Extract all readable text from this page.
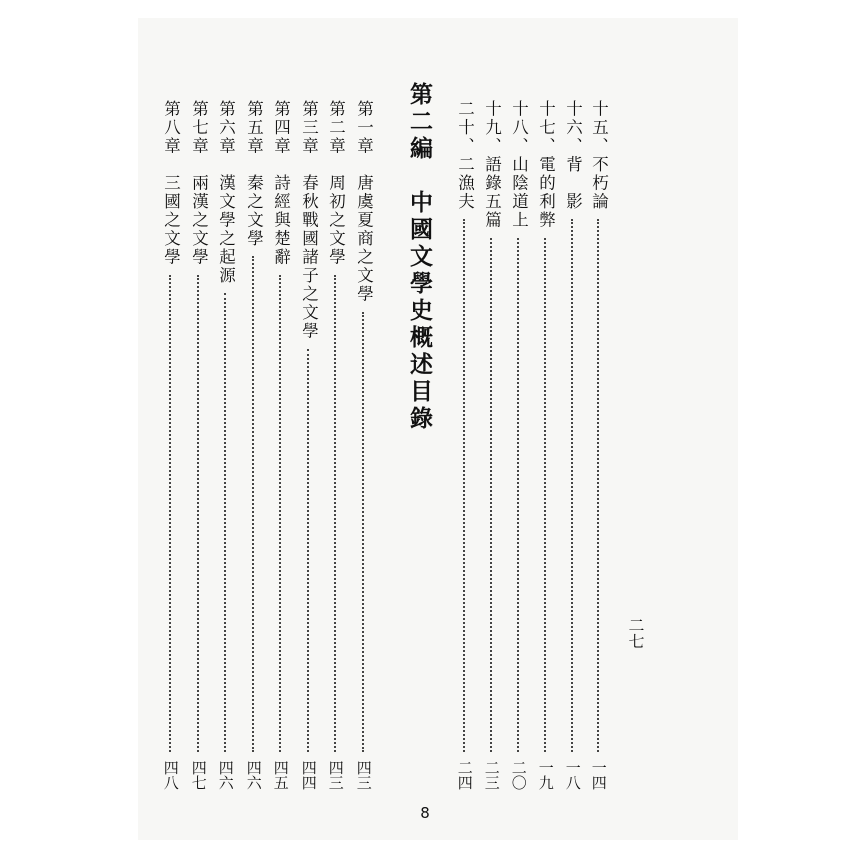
十五、不朽論
一四
十六、背　影
一八
十七、電的利弊
一九
十八、山陰道上
二〇
十九、語錄五篇
二三
二十、二漁夫
二四
第二編　中國文學史概述目錄
第一章　唐虞夏商之文學
四三
第二章　周初之文學
四三
第三章　春秋戰國諸子之文學
四四
第四章　詩經與楚辭
四五
第五章　秦之文學
四六
第六章　漢文學之起源
四六
第七章　兩漢之文學
四七
第八章　三國之文學
四八
二七
8
